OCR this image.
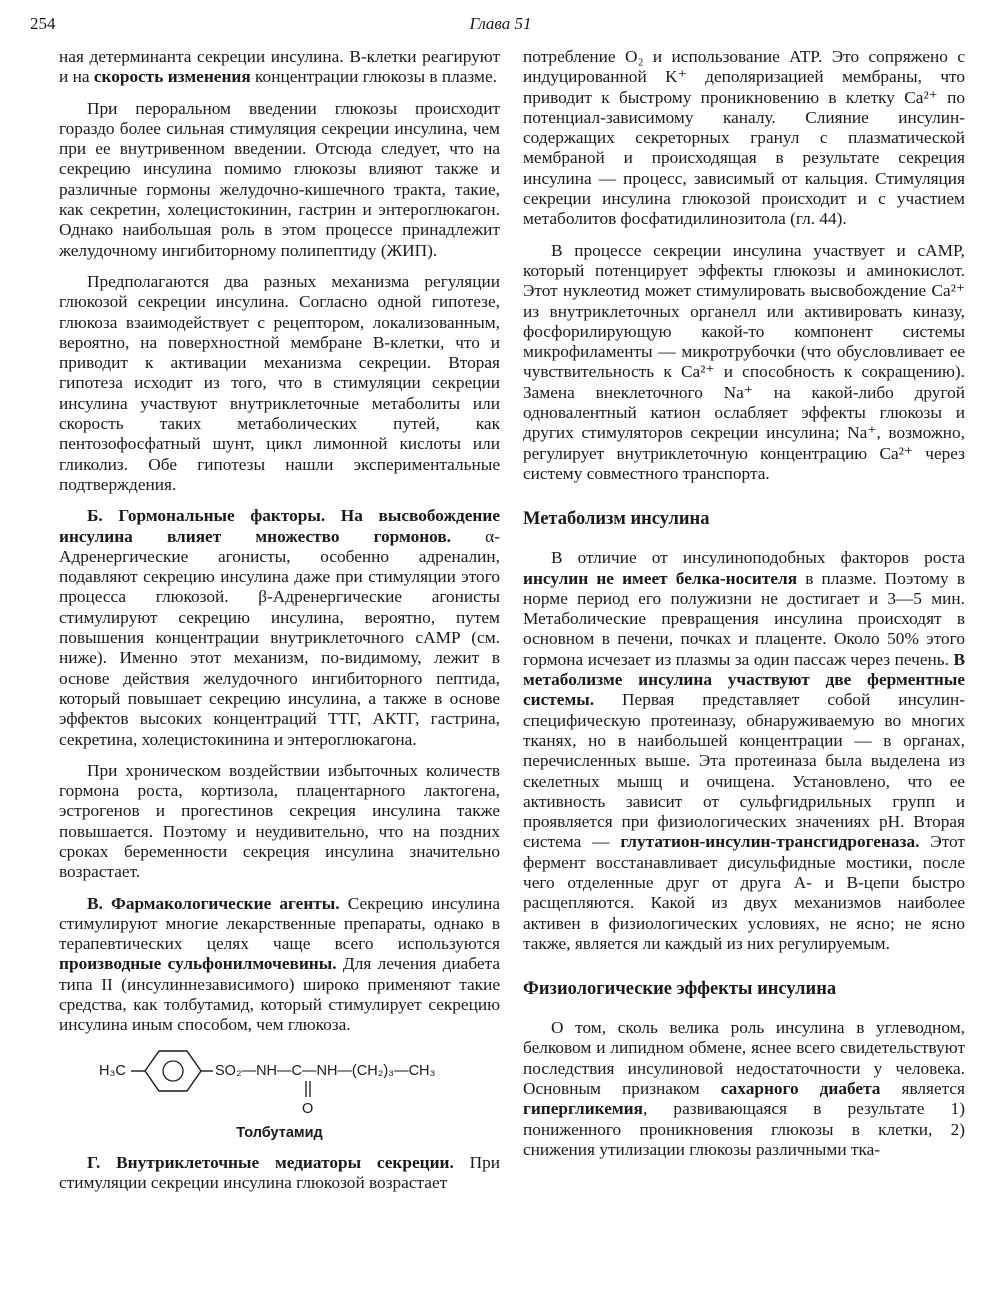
254	Глава 51

ная детерминанта секреции инсулина. В-клетки реагируют и на скорость изменения концентрации глюкозы в плазме.

При пероральном введении глюкозы происходит гораздо более сильная стимуляция секреции инсулина, чем при ее внутривенном введении. Отсюда следует, что на секрецию инсулина помимо глюкозы влияют также и различные гормоны желудочно-кишечного тракта, такие, как секретин, холецистокинин, гастрин и энтероглюкагон. Однако наибольшая роль в этом процессе принадлежит желудочному ингибиторному полипептиду (ЖИП).

Предполагаются два разных механизма регуляции глюкозой секреции инсулина. Согласно одной гипотезе, глюкоза взаимодействует с рецептором, локализованным, вероятно, на поверхностной мембране В-клетки, что и приводит к активации механизма секреции. Вторая гипотеза исходит из того, что в стимуляции секреции инсулина участвуют внутриклеточные метаболиты или скорость таких метаболических путей, как пентозофосфатный шунт, цикл лимонной кислоты или гликолиз. Обе гипотезы нашли экспериментальные подтверждения.

Б. Гормональные факторы. На высвобождение инсулина влияет множество гормонов. α-Адренергические агонисты, особенно адреналин, подавляют секрецию инсулина даже при стимуляции этого процесса глюкозой. β-Адренергические агонисты стимулируют секрецию инсулина, вероятно, путем повышения концентрации внутриклеточного cAMP (см. ниже). Именно этот механизм, по-видимому, лежит в основе действия желудочного ингибиторного пептида, который повышает секрецию инсулина, а также в основе эффектов высоких концентраций ТТГ, АКТГ, гастрина, секретина, холецистокинина и энтероглюкагона.

При хроническом воздействии избыточных количеств гормона роста, кортизола, плацентарного лактогена, эстрогенов и прогестинов секреция инсулина также повышается. Поэтому и неудивительно, что на поздних сроках беременности секреция инсулина значительно возрастает.

В. Фармакологические агенты. Секрецию инсулина стимулируют многие лекарственные препараты, однако в терапевтических целях чаще всего используются производные сульфонилмочевины. Для лечения диабета типа II (инсулиннезависимого) широко применяют такие средства, как толбутамид, который стимулирует секрецию инсулина иным способом, чем глюкоза.

H₃C	SO₂—NH—C—NH—(CH₂)₃—CH₃
O
Толбутамид

Г. Внутриклеточные медиаторы секреции. При стимуляции секреции инсулина глюкозой возрастает

потребление O₂ и использование ATP. Это сопряжено с индуцированной K⁺ деполяризацией мембраны, что приводит к быстрому проникновению в клетку Ca²⁺ по потенциал-зависимому каналу. Слияние инсулин-содержащих секреторных гранул с плазматической мембраной и происходящая в результате секреция инсулина — процесс, зависимый от кальция. Стимуляция секреции инсулина глюкозой происходит и с участием метаболитов фосфатидилинозитола (гл. 44).

В процессе секреции инсулина участвует и cAMP, который потенцирует эффекты глюкозы и аминокислот. Этот нуклеотид может стимулировать высвобождение Ca²⁺ из внутриклеточных органелл или активировать киназу, фосфорилирующую какой-то компонент системы микрофиламенты — микротрубочки (что обусловливает ее чувствительность к Ca²⁺ и способность к сокращению). Замена внеклеточного Na⁺ на какой-либо другой одновалентный катион ослабляет эффекты глюкозы и других стимуляторов секреции инсулина; Na⁺, возможно, регулирует внутриклеточную концентрацию Ca²⁺ через систему совместного транспорта.

Метаболизм инсулина

В отличие от инсулиноподобных факторов роста инсулин не имеет белка-носителя в плазме. Поэтому в норме период его полужизни не достигает и 3—5 мин. Метаболические превращения инсулина происходят в основном в печени, почках и плаценте. Около 50% этого гормона исчезает из плазмы за один пассаж через печень. В метаболизме инсулина участвуют две ферментные системы. Первая представляет собой инсулин-специфическую протеиназу, обнаруживаемую во многих тканях, но в наибольшей концентрации — в органах, перечисленных выше. Эта протеиназа была выделена из скелетных мышц и очищена. Установлено, что ее активность зависит от сульфгидрильных групп и проявляется при физиологических значениях pH. Вторая система — глутатион-инсулин-трансгидрогеназа. Этот фермент восстанавливает дисульфидные мостики, после чего отделенные друг от друга А- и В-цепи быстро расщепляются. Какой из двух механизмов наиболее активен в физиологических условиях, не ясно; не ясно также, является ли каждый из них регулируемым.

Физиологические эффекты инсулина

О том, сколь велика роль инсулина в углеводном, белковом и липидном обмене, яснее всего свидетельствуют последствия инсулиновой недостаточности у человека. Основным признаком сахарного диабета является гипергликемия, развивающаяся в результате 1) пониженного проникновения глюкозы в клетки, 2) снижения утилизации глюкозы различными тка-
